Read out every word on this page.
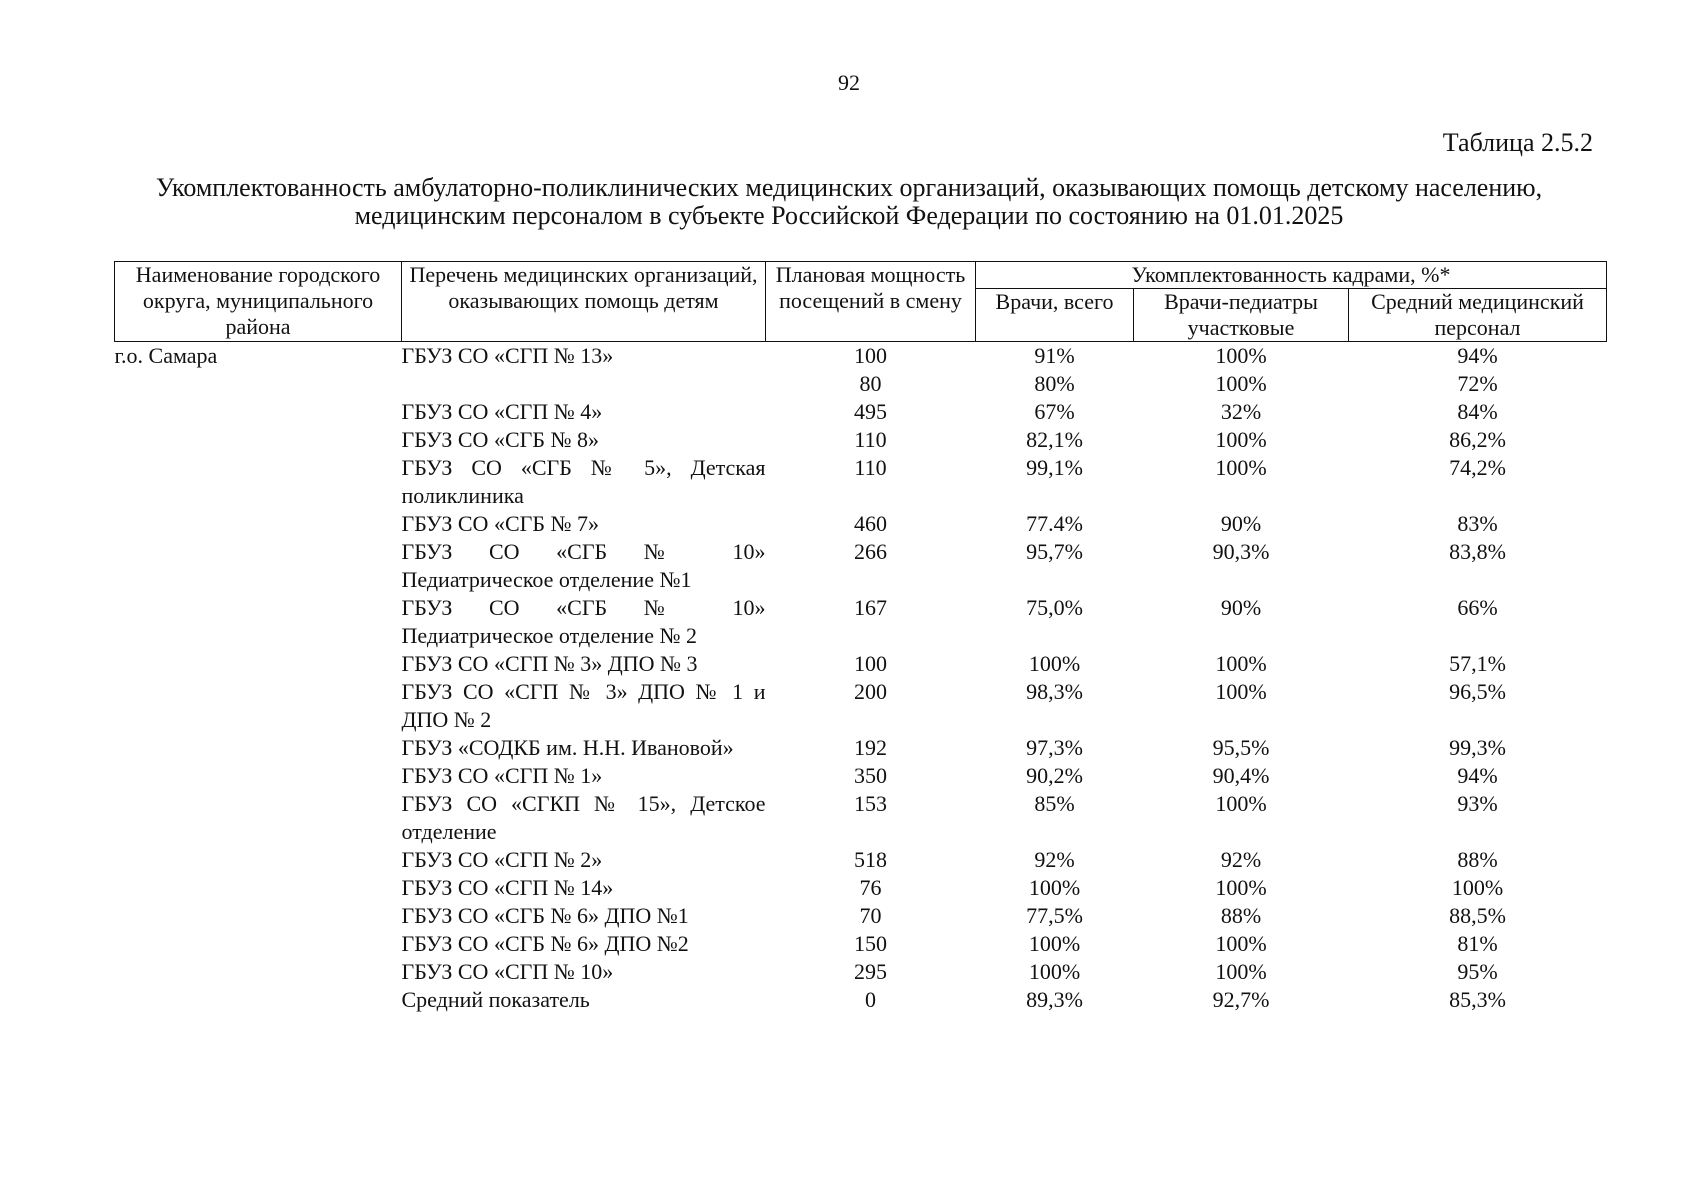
92
Таблица 2.5.2
Укомплектованность амбулаторно-поликлинических медицинских организаций, оказывающих помощь детскому населению, медицинским персоналом в субъекте Российской Федерации по состоянию на 01.01.2025
Наименование городского округа, муниципального района	Перечень медицинских организаций, оказывающих помощь детям	Плановая мощность посещений в смену	Укомплектованность кадрами, %*		
			Врачи, всего	Врачи-педиатры участковые	Средний медицинский персонал
г.о. Самара	ГБУЗ СО «СГП № 13»	100	91%	100%	94%
		80	80%	100%	72%
	ГБУЗ СО «СГП № 4»	495	67%	32%	84%
	ГБУЗ СО «СГБ № 8»	110	82,1%	100%	86,2%
	ГБУЗ СО «СГБ № 5», Детская поликлиника	110	99,1%	100%	74,2%
	ГБУЗ СО «СГБ № 7»	460	77.4%	90%	83%
	ГБУЗ СО «СГБ № 10» Педиатрическое отделение №1	266	95,7%	90,3%	83,8%
	ГБУЗ СО «СГБ № 10» Педиатрическое отделение № 2	167	75,0%	90%	66%
	ГБУЗ СО «СГП № 3» ДПО № 3	100	100%	100%	57,1%
	ГБУЗ СО «СГП № 3» ДПО № 1 и ДПО № 2	200	98,3%	100%	96,5%
	ГБУЗ «СОДКБ им. Н.Н. Ивановой»	192	97,3%	95,5%	99,3%
	ГБУЗ СО «СГП № 1»	350	90,2%	90,4%	94%
	ГБУЗ СО «СГКП № 15», Детское отделение	153	85%	100%	93%
	ГБУЗ СО «СГП № 2»	518	92%	92%	88%
	ГБУЗ СО «СГП № 14»	76	100%	100%	100%
	ГБУЗ СО «СГБ № 6» ДПО №1	70	77,5%	88%	88,5%
	ГБУЗ СО «СГБ № 6» ДПО №2	150	100%	100%	81%
	ГБУЗ СО «СГП № 10»	295	100%	100%	95%
	Средний показатель	0	89,3%	92,7%	85,3%
